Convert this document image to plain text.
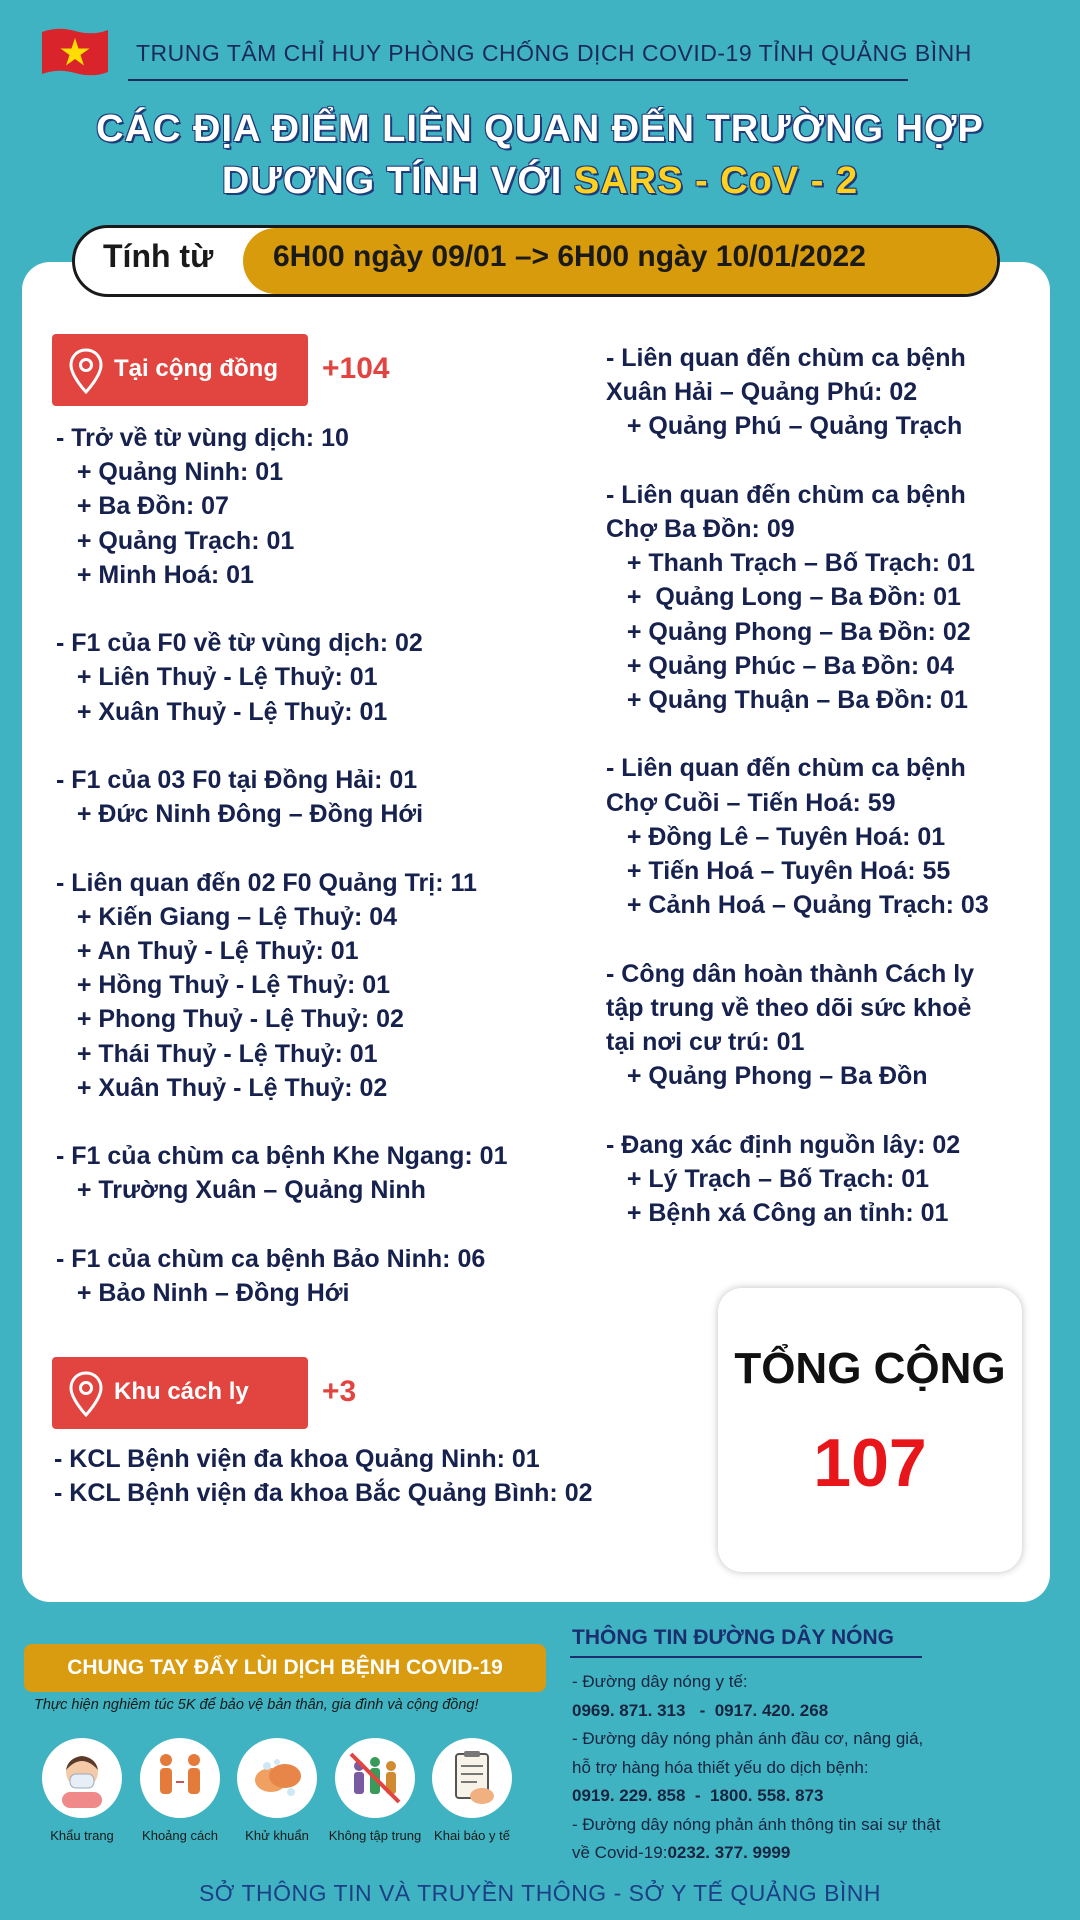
TRUNG TÂM CHỈ HUY PHÒNG CHỐNG DỊCH COVID-19 TỈNH QUẢNG BÌNH
CÁC ĐỊA ĐIỂM LIÊN QUAN ĐẾN TRƯỜNG HỢP
DƯƠNG TÍNH VỚI SARS - CoV - 2
Tính từ 6H00 ngày 09/01 –> 6H00 ngày 10/01/2022
Tại cộng đồng +104
- Trở về từ vùng dịch: 10
+ Quảng Ninh: 01
+ Ba Đồn: 07
+ Quảng Trạch: 01
+ Minh Hoá: 01

- F1 của F0 về từ vùng dịch: 02
+ Liên Thuỷ - Lệ Thuỷ: 01
+ Xuân Thuỷ - Lệ Thuỷ: 01

- F1 của 03 F0 tại Đồng Hải: 01
+ Đức Ninh Đông – Đồng Hới

- Liên quan đến 02 F0 Quảng Trị: 11
+ Kiến Giang – Lệ Thuỷ: 04
+ An Thuỷ - Lệ Thuỷ: 01
+ Hồng Thuỷ - Lệ Thuỷ: 01
+ Phong Thuỷ - Lệ Thuỷ: 02
+ Thái Thuỷ - Lệ Thuỷ: 01
+ Xuân Thuỷ - Lệ Thuỷ: 02

- F1 của chùm ca bệnh Khe Ngang: 01
+ Trường Xuân – Quảng Ninh

- F1 của chùm ca bệnh Bảo Ninh: 06
+ Bảo Ninh – Đồng Hới
- Liên quan đến chùm ca bệnh
Xuân Hải – Quảng Phú: 02
+ Quảng Phú – Quảng Trạch

- Liên quan đến chùm ca bệnh
Chợ Ba Đồn: 09
+ Thanh Trạch – Bố Trạch: 01
+  Quảng Long – Ba Đồn: 01
+ Quảng Phong – Ba Đồn: 02
+ Quảng Phúc – Ba Đồn: 04
+ Quảng Thuận – Ba Đồn: 01

- Liên quan đến chùm ca bệnh
Chợ Cuồi – Tiến Hoá: 59
+ Đồng Lê – Tuyên Hoá: 01
+ Tiến Hoá – Tuyên Hoá: 55
+ Cảnh Hoá – Quảng Trạch: 03

- Công dân hoàn thành Cách ly
tập trung về theo dõi sức khoẻ
tại nơi cư trú: 01
+ Quảng Phong – Ba Đồn

- Đang xác định nguồn lây: 02
+ Lý Trạch – Bố Trạch: 01
+ Bệnh xá Công an tỉnh: 01
Khu cách ly +3
- KCL Bệnh viện đa khoa Quảng Ninh: 01
- KCL Bệnh viện đa khoa Bắc Quảng Bình: 02
TỔNG CỘNG
107
CHUNG TAY ĐẨY LÙI DỊCH BỆNH COVID-19
Thực hiện nghiêm túc 5K để bảo vệ bản thân, gia đình và cộng đồng!
Khẩu trang	Khoảng cách	Khử khuẩn	Không tập trung Khai báo y tế
THÔNG TIN ĐƯỜNG DÂY NÓNG
- Đường dây nóng y tế:
0969. 871. 313   -  0917. 420. 268
- Đường dây nóng phản ánh đầu cơ, nâng giá,
hỗ trợ hàng hóa thiết yếu do dịch bệnh:
0919. 229. 858  -  1800. 558. 873
- Đường dây nóng phản ánh thông tin sai sự thật
về Covid-19:0232. 377. 9999
SỞ THÔNG TIN VÀ TRUYỀN THÔNG - SỞ Y TẾ QUẢNG BÌNH
